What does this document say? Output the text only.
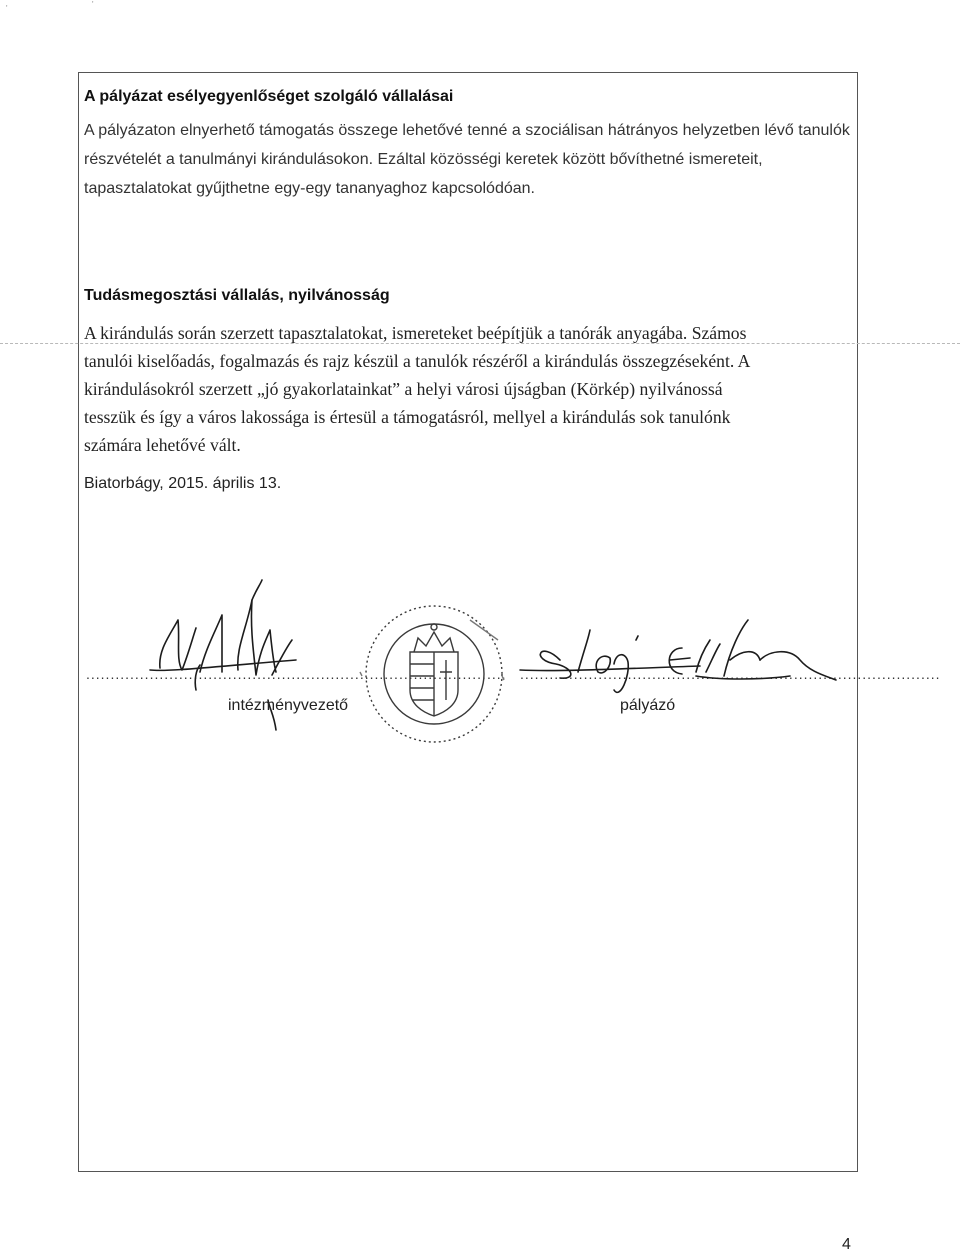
'	'
A pályázat esélyegyenlőséget szolgáló vállalásai

A pályázaton elnyerhető támogatás összege lehetővé tenné a szociálisan hátrányos helyzetben lévő tanulók részvételét a tanulmányi kirándulásokon. Ezáltal közösségi keretek között bővíthetné ismereteit, tapasztalatokat gyűjthetne egy-egy tananyaghoz kapcsolódóan.

Tudásmegosztási vállalás, nyilvánosság

A kirándulás során szerzett tapasztalatokat, ismereteket beépítjük a tanórák anyagába. Számos
tanulói kiselőadás, fogalmazás és rajz készül a tanulók részéről a kirándulás összegzéseként. A
kirándulásokról szerzett „jó gyakorlatainkat” a helyi városi újságban (Körkép) nyilvánossá
tesszük és így a város lakossága is értesül a támogatásról, mellyel a kirándulás sok tanulónk
számára lehetővé vált.

Biatorbágy, 2015. április 13.

...................................................................................... ......................................................................................
intézményvezető	pályázó
4
